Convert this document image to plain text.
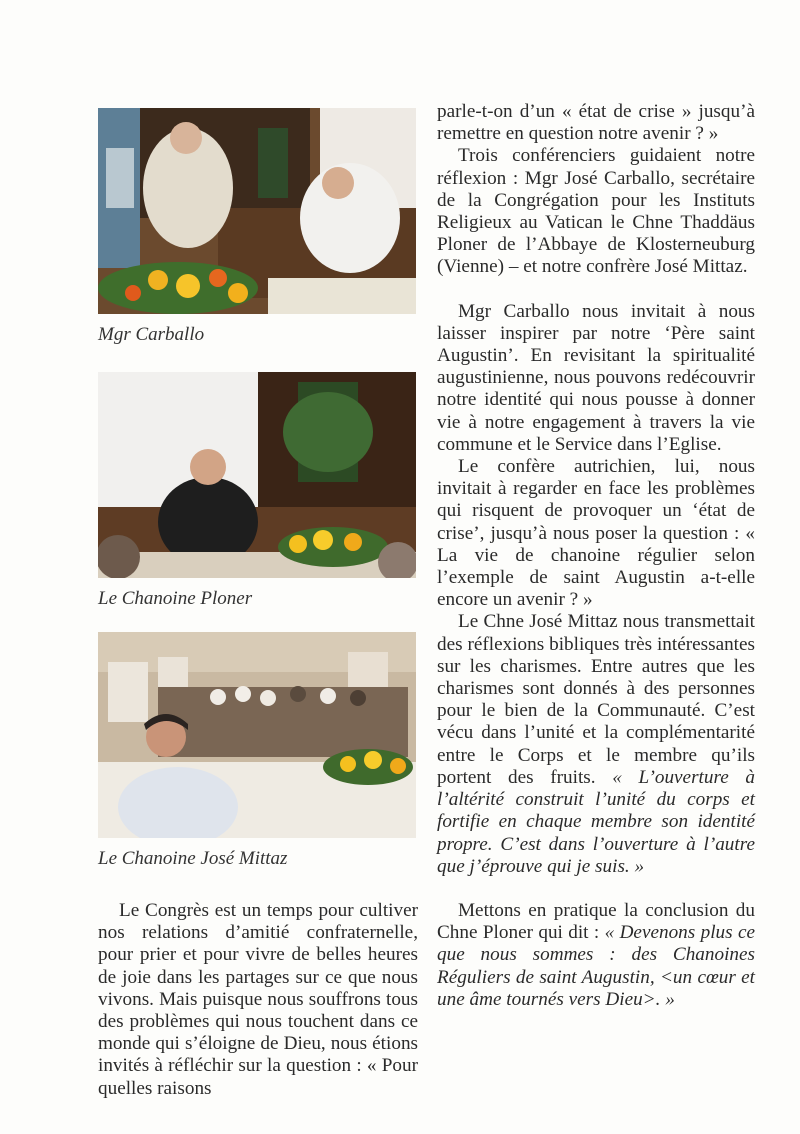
Mgr Carballo
Le Chanoine Ploner
Le Chanoine José Mittaz

Le Congrès est un temps pour cultiver nos relations d’amitié confraternelle, pour prier et pour vivre de belles heures de joie dans les partages sur ce que nous vivons. Mais puisque nous souffrons tous des problèmes qui nous touchent dans ce monde qui s’éloigne de Dieu, nous étions invités à réfléchir sur la question : « Pour quelles raisons

parle-t-on d’un « état de crise » jusqu’à remettre en question notre avenir ? »

Trois conférenciers guidaient notre réflexion : Mgr José Carballo, secrétaire de la Congrégation pour les Instituts Religieux au Vatican le Chne Thaddäus Ploner de l’Abbaye de Klosterneuburg (Vienne) – et notre confrère José Mittaz.

Mgr Carballo nous invitait à nous laisser inspirer par notre ‘Père saint Augustin’. En revisitant la spiritualité augustinienne, nous pouvons redécouvrir notre identité qui nous pousse à donner vie à notre engagement à travers la vie commune et le Service dans l’Eglise.

Le confère autrichien, lui, nous invitait à regarder en face les problèmes qui risquent de provoquer un ‘état de crise’, jusqu’à nous poser la question : « La vie de chanoine régulier selon l’exemple de saint Augustin a-t-elle encore un avenir ? »

Le Chne José Mittaz nous transmettait des réflexions bibliques très intéressantes sur les charismes. Entre autres que les charismes sont donnés à des personnes pour le bien de la Communauté. C’est vécu dans l’unité et la complémentarité entre le Corps et le membre qu’ils portent des fruits. « L’ouverture à l’altérité construit l’unité du corps et fortifie en chaque membre son identité propre. C’est dans l’ouverture à l’autre que j’éprouve qui je suis. »

Mettons en pratique la conclusion du Chne Ploner qui dit : « Devenons plus ce que nous sommes : des Chanoines Réguliers de saint Augustin, <un cœur et une âme tournés vers Dieu>. »
